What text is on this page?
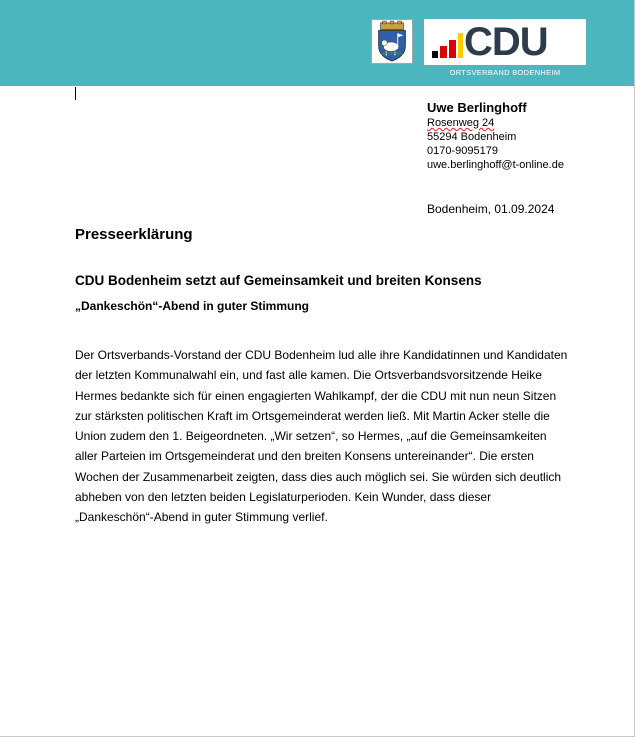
CDU
ORTSVERBAND BODENHEIM
Uwe Berlinghoff
Rosenweg 24
55294 Bodenheim
0170-9095179
uwe.berlinghoff@t-online.de
Bodenheim, 01.09.2024
Presseerklärung
CDU Bodenheim setzt auf Gemeinsamkeit und breiten Konsens
„Dankeschön“-Abend in guter Stimmung
Der Ortsverbands-Vorstand der CDU Bodenheim lud alle ihre Kandidatinnen und Kandidaten
der letzten Kommunalwahl ein, und fast alle kamen. Die Ortsverbandsvorsitzende Heike
Hermes bedankte sich für einen engagierten Wahlkampf, der die CDU mit nun neun Sitzen
zur stärksten politischen Kraft im Ortsgemeinderat werden ließ. Mit Martin Acker stelle die
Union zudem den 1. Beigeordneten. „Wir setzen“, so Hermes, „auf die Gemeinsamkeiten
aller Parteien im Ortsgemeinderat und den breiten Konsens untereinander“. Die ersten
Wochen der Zusammenarbeit zeigten, dass dies auch möglich sei. Sie würden sich deutlich
abheben von den letzten beiden Legislaturperioden. Kein Wunder, dass dieser
„Dankeschön“-Abend in guter Stimmung verlief.
